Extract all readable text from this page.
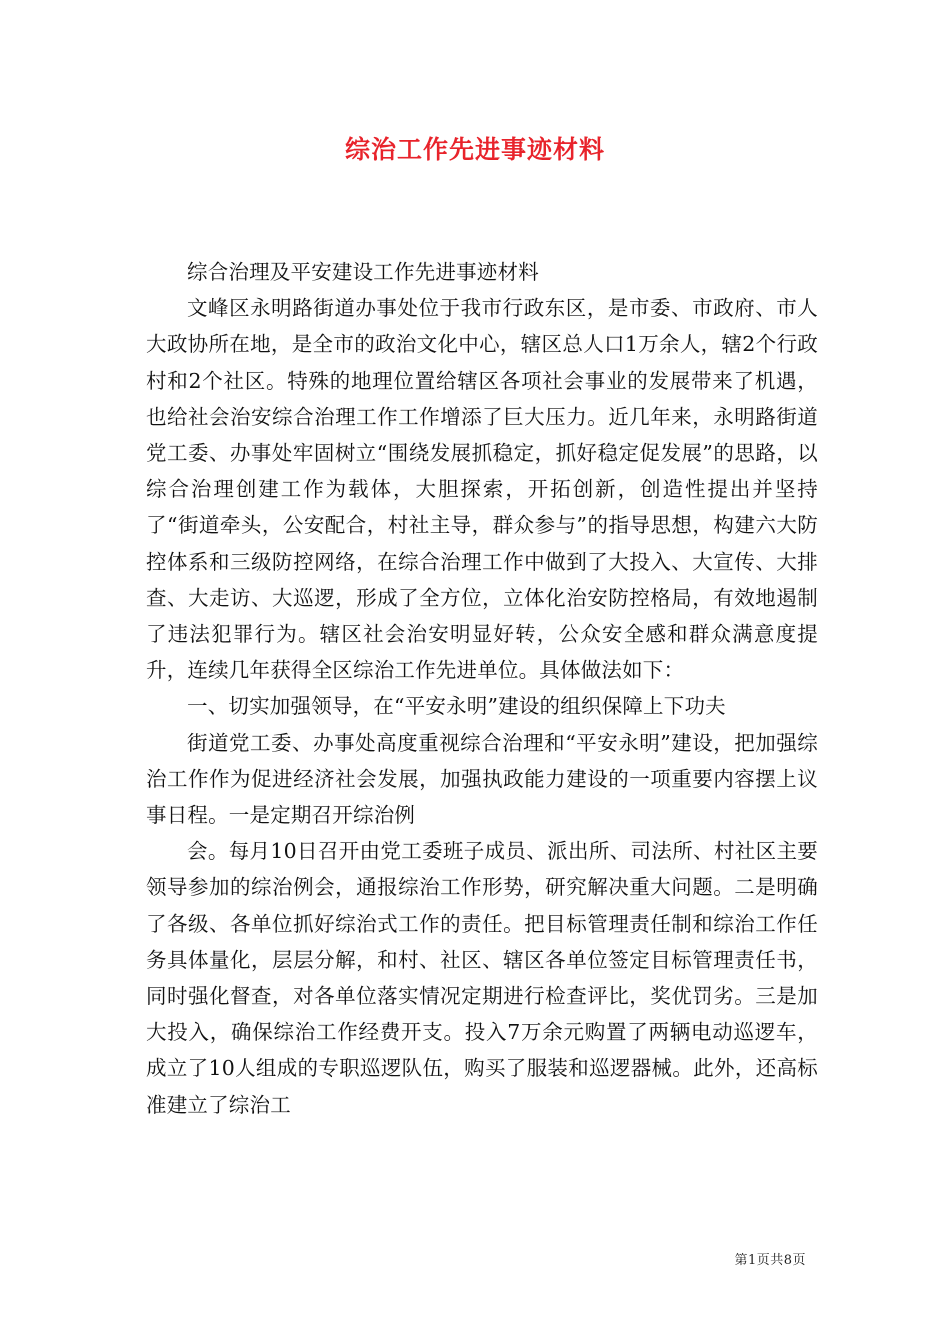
综治工作先进事迹材料

综合治理及平安建设工作先进事迹材料

文峰区永明路街道办事处位于我市行政东区，是市委、市政府、市人大政协所在地，是全市的政治文化中心，辖区总人口1万余人，辖2个行政村和2个社区。特殊的地理位置给辖区各项社会事业的发展带来了机遇，也给社会治安综合治理工作工作增添了巨大压力。近几年来，永明路街道党工委、办事处牢固树立“围绕发展抓稳定，抓好稳定促发展”的思路，以综合治理创建工作为载体，大胆探索，开拓创新，创造性提出并坚持了“街道牵头，公安配合，村社主导，群众参与”的指导思想，构建六大防控体系和三级防控网络，在综合治理工作中做到了大投入、大宣传、大排查、大走访、大巡逻，形成了全方位，立体化治安防控格局，有效地遏制了违法犯罪行为。辖区社会治安明显好转，公众安全感和群众满意度提升，连续几年获得全区综治工作先进单位。具体做法如下：

一、切实加强领导，在“平安永明”建设的组织保障上下功夫

街道党工委、办事处高度重视综合治理和“平安永明”建设，把加强综治工作作为促进经济社会发展，加强执政能力建设的一项重要内容摆上议事日程。一是定期召开综治例

会。每月10日召开由党工委班子成员、派出所、司法所、村社区主要领导参加的综治例会，通报综治工作形势，研究解决重大问题。二是明确了各级、各单位抓好综治式工作的责任。把目标管理责任制和综治工作任务具体量化，层层分解，和村、社区、辖区各单位签定目标管理责任书，同时强化督查，对各单位落实情况定期进行检查评比，奖优罚劣。三是加大投入，确保综治工作经费开支。投入7万余元购置了两辆电动巡逻车，成立了10人组成的专职巡逻队伍，购买了服装和巡逻器械。此外，还高标准建立了综治工

第1页共8页
